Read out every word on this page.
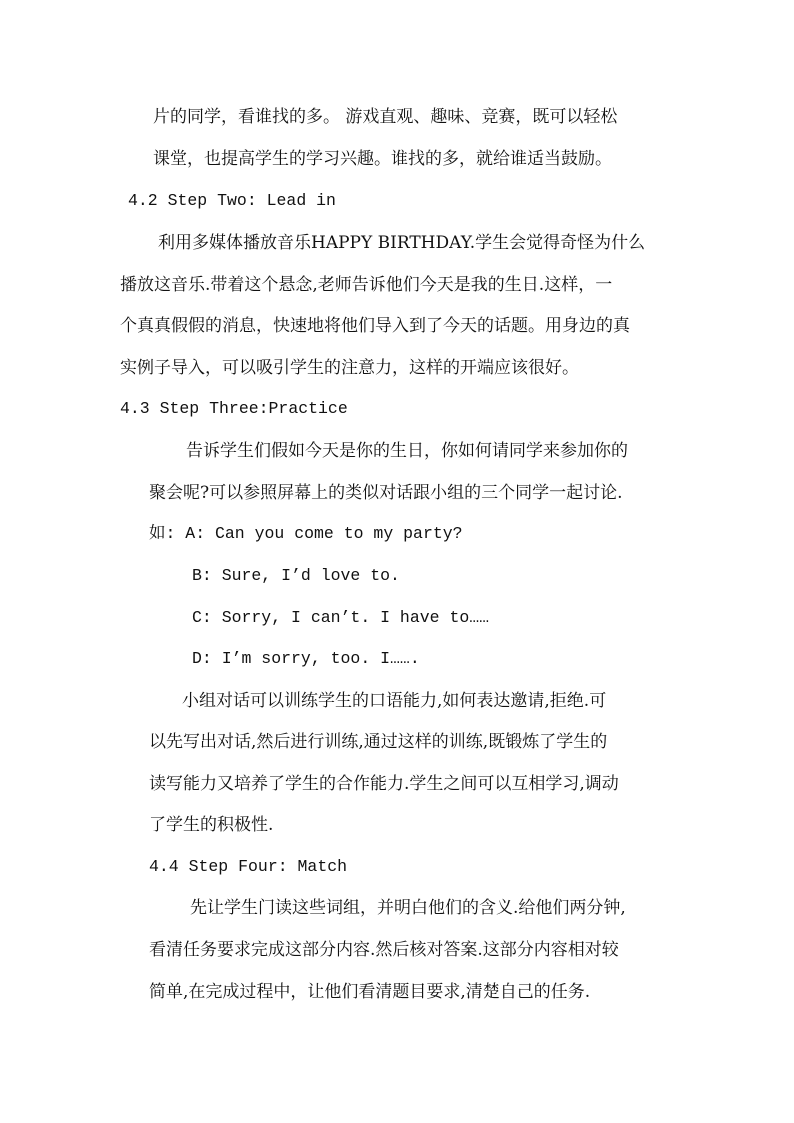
片的同学，看谁找的多。 游戏直观、趣味、竞赛，既可以轻松

课堂，也提高学生的学习兴趣。谁找的多，就给谁适当鼓励。

4.2 Step Two: Lead in

利用多媒体播放音乐HAPPY BIRTHDAY.学生会觉得奇怪为什么

播放这音乐.带着这个悬念,老师告诉他们今天是我的生日.这样，一

个真真假假的消息，快速地将他们导入到了今天的话题。用身边的真

实例子导入，可以吸引学生的注意力，这样的开端应该很好。

4.3 Step Three:Practice

告诉学生们假如今天是你的生日，你如何请同学来参加你的

聚会呢?可以参照屏幕上的类似对话跟小组的三个同学一起讨论.

如: A: Can you come to my party?

B: Sure, I’d love to.

C: Sorry, I can’t. I have to……

D: I’m sorry, too. I…….

小组对话可以训练学生的口语能力,如何表达邀请,拒绝.可

以先写出对话,然后进行训练,通过这样的训练,既锻炼了学生的

读写能力又培养了学生的合作能力.学生之间可以互相学习,调动

了学生的积极性.

4.4 Step Four: Match

先让学生门读这些词组，并明白他们的含义.给他们两分钟,

看清任务要求完成这部分内容.然后核对答案.这部分内容相对较

简单,在完成过程中，让他们看清题目要求,清楚自己的任务.
